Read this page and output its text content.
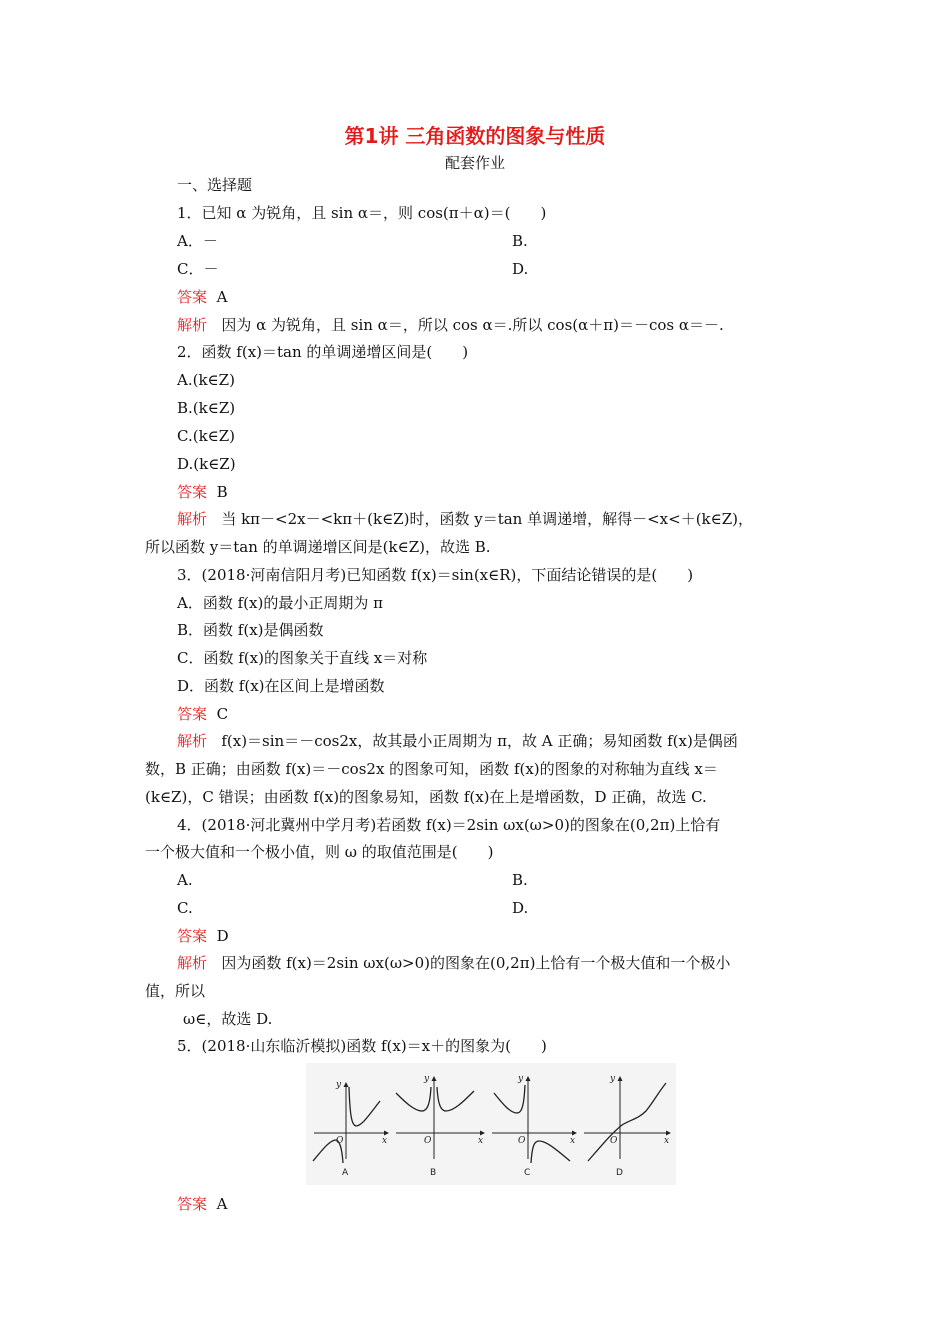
第1讲 三角函数的图象与性质
配套作业
一、选择题
1．已知 α 为锐角，且 sin α＝，则 cos(π＋α)＝(　　)
A．－	B.
C．－	D.
答案 A
解析 因为 α 为锐角，且 sin α＝，所以 cos α＝.所以 cos(α＋π)＝－cos α＝－.
2．函数 f(x)＝tan 的单调递增区间是(　　)
A.(k∈Z)
B.(k∈Z)
C.(k∈Z)
D.(k∈Z)
答案 B
解析 当 kπ－<2x－<kπ＋(k∈Z)时，函数 y＝tan 单调递增，解得－<x<＋(k∈Z)，
所以函数 y＝tan 的单调递增区间是(k∈Z)，故选 B.
3．(2018·河南信阳月考)已知函数 f(x)＝sin(x∈R)，下面结论错误的是(　　)
A．函数 f(x)的最小正周期为 π
B．函数 f(x)是偶函数
C．函数 f(x)的图象关于直线 x＝对称
D．函数 f(x)在区间上是增函数
答案 C
解析 f(x)＝sin＝－cos2x，故其最小正周期为 π，故 A 正确；易知函数 f(x)是偶函
数，B 正确；由函数 f(x)＝－cos2x 的图象可知，函数 f(x)的图象的对称轴为直线 x＝
(k∈Z)，C 错误；由函数 f(x)的图象易知，函数 f(x)在上是增函数，D 正确，故选 C.
4．(2018·河北冀州中学月考)若函数 f(x)＝2sin ωx(ω>0)的图象在(0,2π)上恰有
一个极大值和一个极小值，则 ω 的取值范围是(　　)
A.	B.
C.	D.
答案 D
解析 因为函数 f(x)＝2sin ωx(ω>0)的图象在(0,2π)上恰有一个极大值和一个极小
值，所以
ω∈，故选 D.
5．(2018·山东临沂模拟)函数 f(x)＝x＋的图象为(　　)
y
x
O
A
y
x
O
B
y
x
O
C
y
x
O
D
答案 A
